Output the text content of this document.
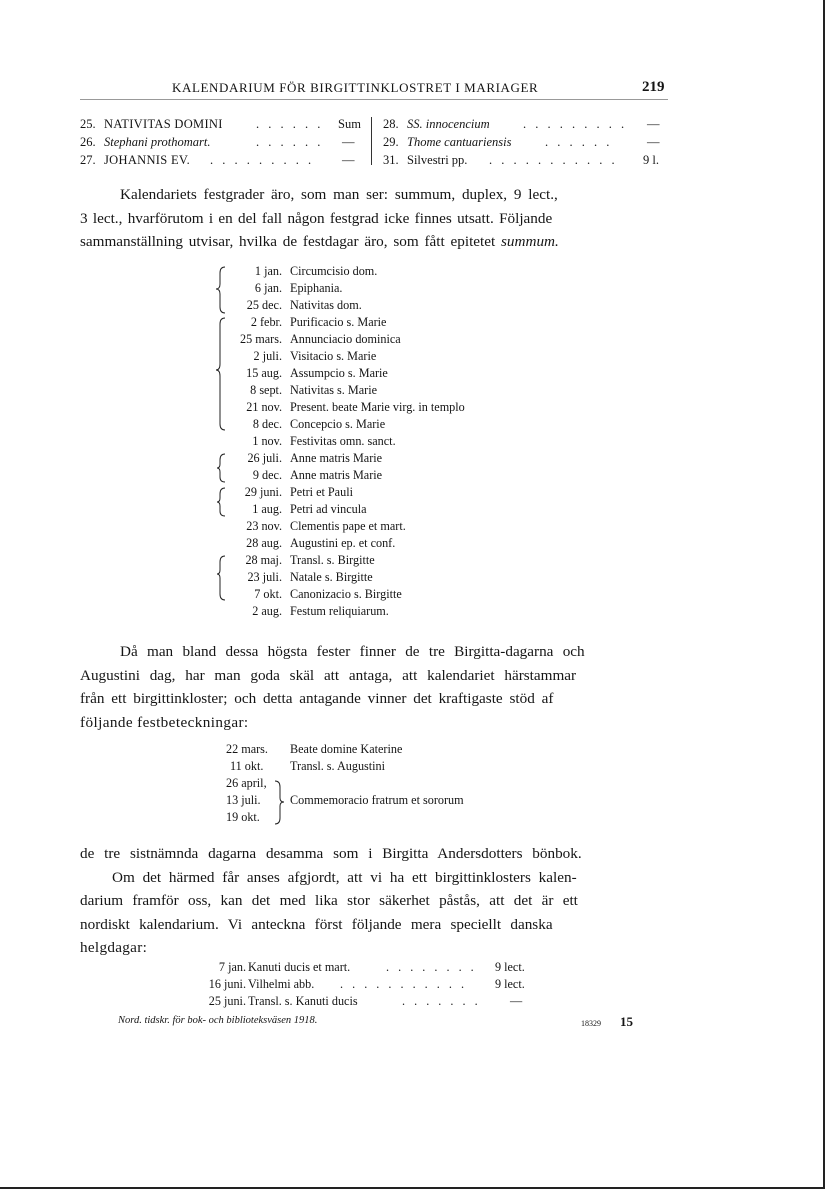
KALENDARIUM FÖR BIRGITTINKLOSTRET I MARIAGER	219
25. NATIVITAS DOMINI	. . . . . . Sum
26. Stephani prothomart.	. . . . . . —
27. JOHANNIS EV. . . . . . . . . . —
28. SS. innocencium	. . . . . . . . . —
29. Thome cantuariensis	. . . . . .	—
31. Silvestri pp. . . . . . . . . . . . 9 l.
Kalendariets festgrader äro, som man ser: summum, duplex, 9 lect.,
3 lect., hvarförutom i en del fall någon festgrad icke finnes utsatt. Följande
sammanställning utvisar, hvilka de festdagar äro, som fått epitetet summum.
1 jan. Circumcisio dom.
6 jan. Epiphania.
25 dec. Nativitas dom.
2 febr. Purificacio s. Marie
25 mars. Annunciacio dominica
2 juli. Visitacio s. Marie
15 aug. Assumpcio s. Marie
8 sept. Nativitas s. Marie
21 nov. Present. beate Marie virg. in templo
8 dec. Concepcio s. Marie
1 nov. Festivitas omn. sanct.
26 juli. Anne matris Marie
9 dec. Anne matris Marie
29 juni. Petri et Pauli
1 aug. Petri ad vincula
23 nov. Clementis pape et mart.
28 aug. Augustini ep. et conf.
28 maj. Transl. s. Birgitte
23 juli. Natale s. Birgitte
7 okt. Canonizacio s. Birgitte
2 aug. Festum reliquiarum.
Då man bland dessa högsta fester finner de tre Birgitta-dagarna och
Augustini dag, har man goda skäl att antaga, att kalendariet härstammar
från ett birgittinkloster; och detta antagande vinner det kraftigaste stöd af
följande festbeteckningar:
22 mars. Beate domine Katerine
11 okt. Transl. s. Augustini
26 april,
13 juli. Commemoracio fratrum et sororum
19 okt.
de tre sistnämnda dagarna desamma som i Birgitta Andersdotters bönbok.
Om det härmed får anses afgjordt, att vi ha ett birgittinklosters kalen-
darium framför oss, kan det med lika stor säkerhet påstås, att det är ett
nordiskt kalendarium. Vi anteckna först följande mera speciellt danska
helgdagar:
7 jan. Kanuti ducis et mart.	. . . . . . . . 9 lect.
16 juni. Vilhelmi abb. . . . . . . . . . . . 9 lect.
25 juni. Transl. s. Kanuti ducis	. . . . . . . —
Nord. tidskr. för bok- och biblioteksväsen 1918.	18329 15
